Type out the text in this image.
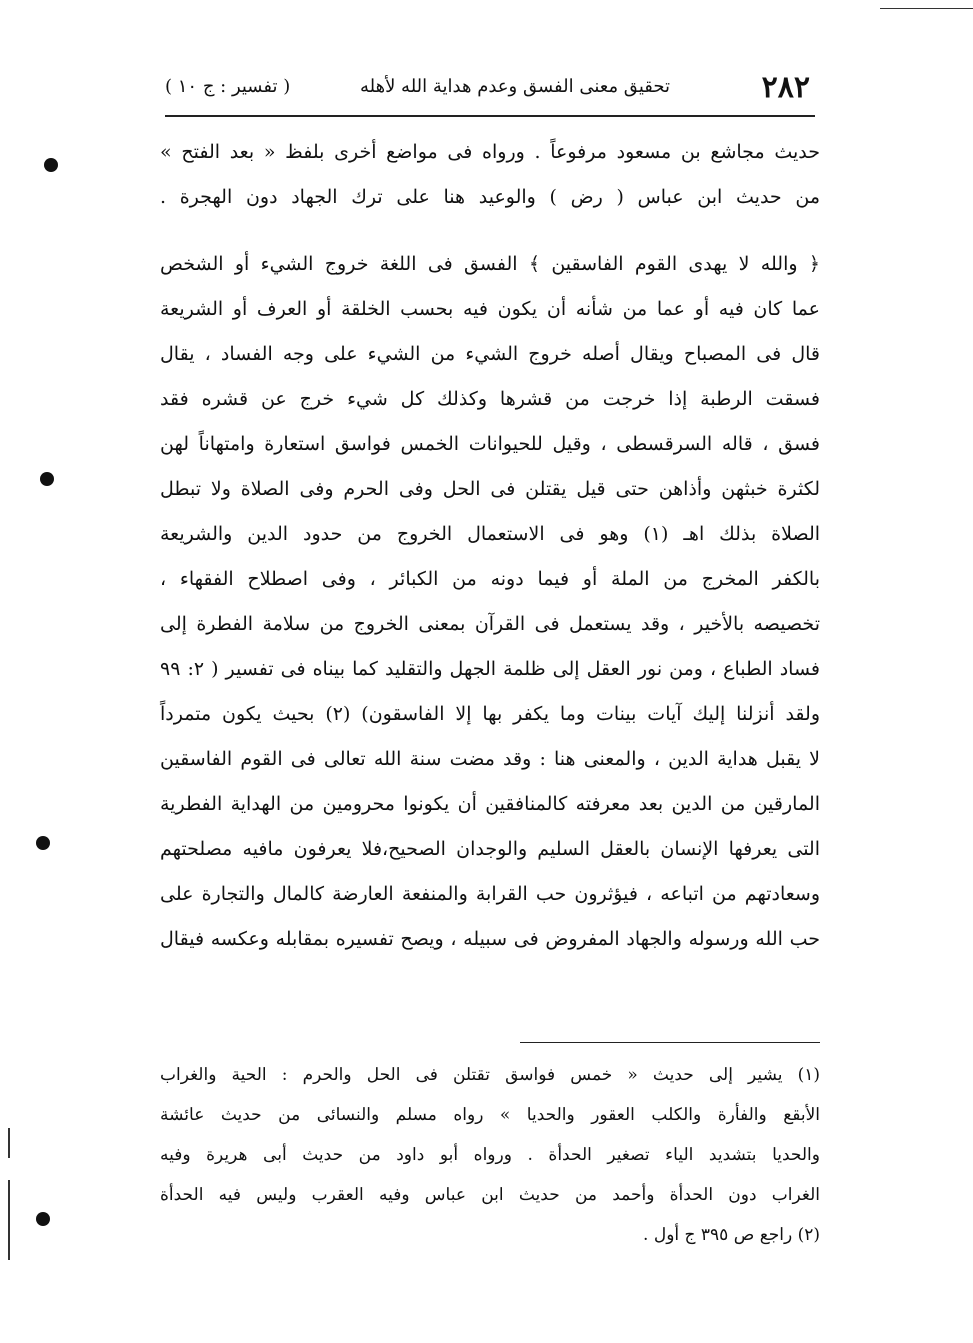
٢٨٢
تحقيق معنى الفسق وعدم هداية الله لأهله
( تفسير : ج ١٠ )
حديث مجاشع بن مسعود مرفوعاً . ورواه فى مواضع أخرى بلفظ « بعد الفتح »
من حديث ابن عباس ( رض ) والوعيد هنا على ترك الجهاد دون الهجرة .
﴿ والله لا يهدى القوم الفاسقين ﴾ الفسق فى اللغة خروج الشيء أو الشخص
عما كان فيه أو عما من شأنه أن يكون فيه بحسب الخلقة أو العرف أو الشريعة
قال فى المصباح ويقال أصله خروج الشيء من الشيء على وجه الفساد ، يقال
فسقت الرطبة إذا خرجت من قشرها وكذلك كل شيء خرج عن قشره فقد
فسق ، قاله السرقسطى ، وقيل للحيوانات الخمس فواسق استعارة وامتهاناً لهن
لكثرة خبثهن وأذاهن حتى قيل يقتلن فى الحل وفى الحرم وفى الصلاة ولا تبطل
الصلاة بذلك اهـ (١) وهو فى الاستعمال الخروج من حدود الدين والشريعة
بالكفر المخرج من الملة أو فيما دونه من الكبائر ، وفى اصطلاح الفقهاء ،
تخصيصه بالأخير ، وقد يستعمل فى القرآن بمعنى الخروج من سلامة الفطرة إلى
فساد الطباع ، ومن نور العقل إلى ظلمة الجهل والتقليد كما بيناه فى تفسير ( ٢: ٩٩
ولقد أنزلنا إليك آيات بينات وما يكفر بها إلا الفاسقون) (٢) بحيث يكون متمرداً
لا يقبل هداية الدين ، والمعنى هنا : وقد مضت سنة الله تعالى فى القوم الفاسقين
المارقين من الدين بعد معرفته كالمنافقين أن يكونوا محرومين من الهداية الفطرية
التى يعرفها الإنسان بالعقل السليم والوجدان الصحيح،فلا يعرفون مافيه مصلحتهم
وسعادتهم من اتباعه ، فيؤثرون حب القرابة والمنفعة العارضة كالمال والتجارة على
حب الله ورسوله والجهاد المفروض فى سبيله ، ويصح تفسيره بمقابله وعكسه فيقال
(١) يشير إلى حديث « خمس فواسق تقتلن فى الحل والحرم : الحية والغراب
الأبقع والفأرة والكلب العقور والحديا » رواه مسلم والنسائى من حديث عائشة
والحديا بتشديد الياء تصغير الحدأة . ورواه أبو داود من حديث أبى هريرة وفيه
الغراب دون الحدأة وأحمد من حديث ابن عباس وفيه العقرب وليس فيه الحدأة
(٢) راجع ص ٣٩٥ ج أول .
